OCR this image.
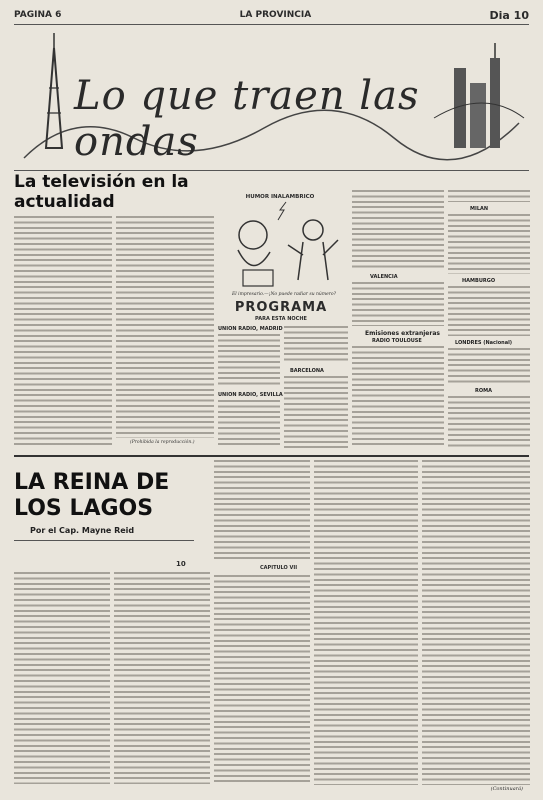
PAGINA 6	LA PROVINCIA	Dia 10
Lo que traen las ondas
La televisión en la actualidad
(Prohibida la reproducción.)
HUMOR INALAMBRICO
El impresario.—¡No puede radiar su número?
PROGRAMA
PARA ESTA NOCHE
UNION RADIO, MADRID
UNION RADIO, SEVILLA
BARCELONA
VALENCIA
Emisiones extranjeras
RADIO TOULOUSE
MILAN
HAMBURGO
LONDRES (Nacional)
ROMA
LA REINA DE LOS LAGOS
Por el Cap. Mayne Reid
10	CAPITULO VII
(Continuará)
